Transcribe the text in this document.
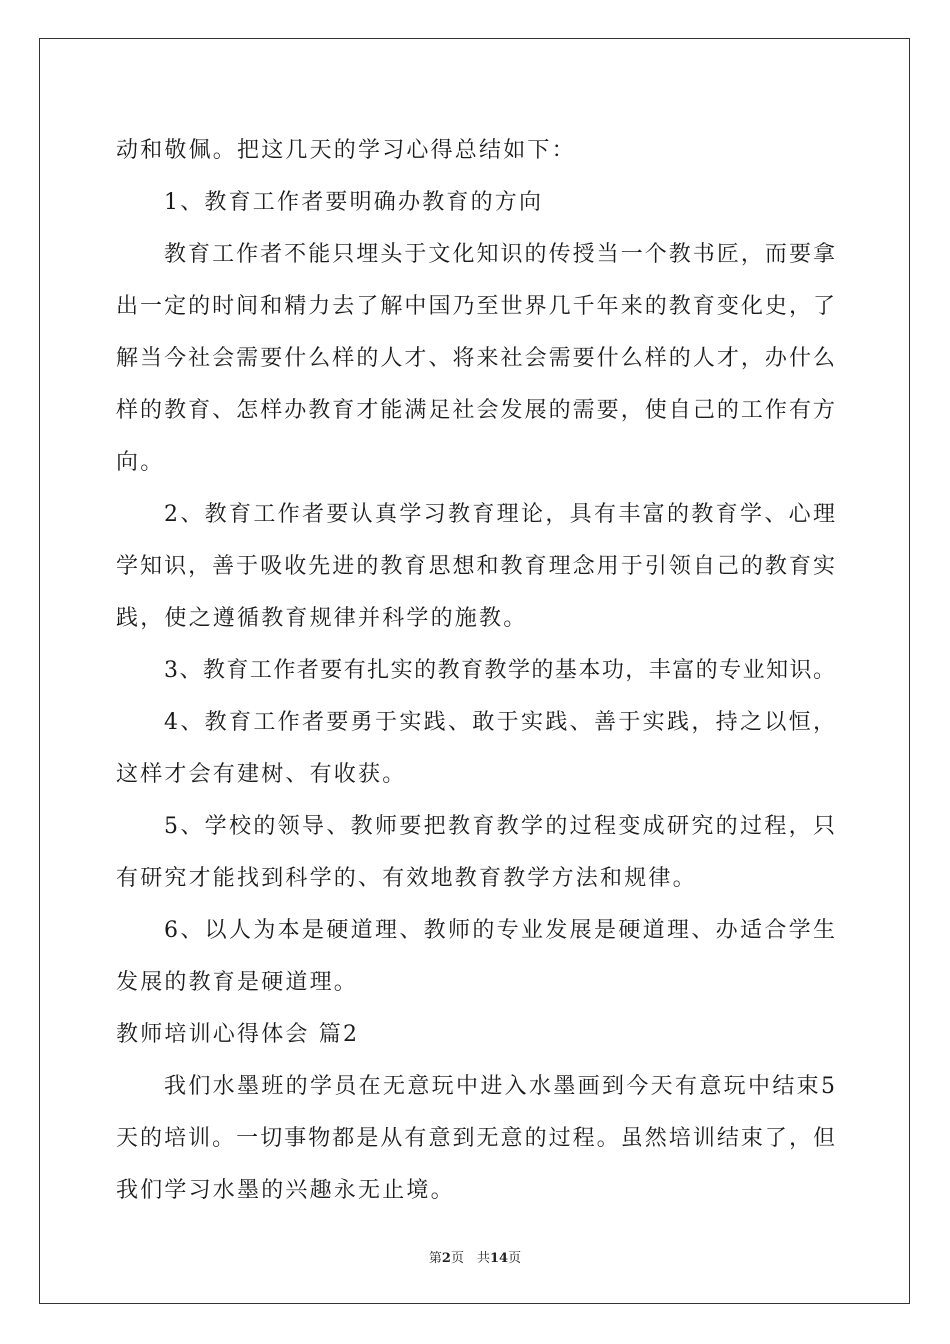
动和敬佩。把这几天的学习心得总结如下：
1、教育工作者要明确办教育的方向
教育工作者不能只埋头于文化知识的传授当一个教书匠，而要拿
出一定的时间和精力去了解中国乃至世界几千年来的教育变化史，了
解当今社会需要什么样的人才、将来社会需要什么样的人才，办什么
样的教育、怎样办教育才能满足社会发展的需要，使自己的工作有方
向。
2、教育工作者要认真学习教育理论，具有丰富的教育学、心理
学知识，善于吸收先进的教育思想和教育理念用于引领自己的教育实
践，使之遵循教育规律并科学的施教。
3、教育工作者要有扎实的教育教学的基本功，丰富的专业知识。
4、教育工作者要勇于实践、敢于实践、善于实践，持之以恒，
这样才会有建树、有收获。
5、学校的领导、教师要把教育教学的过程变成研究的过程，只
有研究才能找到科学的、有效地教育教学方法和规律。
6、以人为本是硬道理、教师的专业发展是硬道理、办适合学生
发展的教育是硬道理。
教师培训心得体会 篇2
我们水墨班的学员在无意玩中进入水墨画到今天有意玩中结束5
天的培训。一切事物都是从有意到无意的过程。虽然培训结束了，但
我们学习水墨的兴趣永无止境。
第2页　共14页
